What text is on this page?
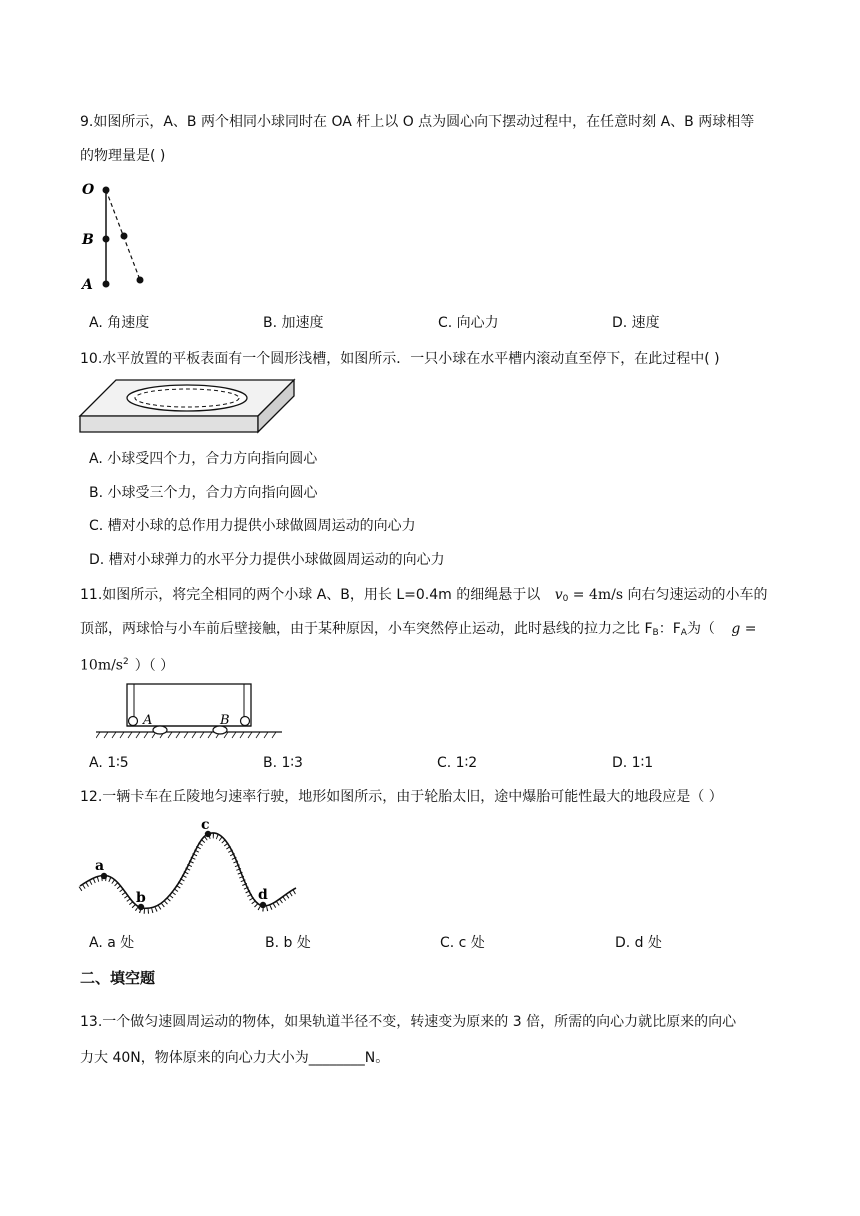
9.如图所示，A、B 两个相同小球同时在 OA 杆上以 O 点为圆心向下摆动过程中，在任意时刻 A、B 两球相等
的物理量是( )
O
B
A
A. 角速度	B. 加速度	C. 向心力	D. 速度
10.水平放置的平板表面有一个圆形浅槽，如图所示．一只小球在水平槽内滚动直至停下，在此过程中( )
A. 小球受四个力，合力方向指向圆心
B. 小球受三个力，合力方向指向圆心
C. 槽对小球的总作用力提供小球做圆周运动的向心力
D. 槽对小球弹力的水平分力提供小球做圆周运动的向心力
11.如图所示，将完全相同的两个小球 A、B，用长 L=0.4m 的细绳悬于以 $v_0 = 4m/s$ 向右匀速运动的小车的
顶部，两球恰与小车前后壁接触，由于某种原因，小车突然停止运动，此时悬线的拉力之比 $F_B$：$F_A$为（ g =
$10m/s^2$ ）（ ）
A	B
A. 1∶5	B. 1∶3	C. 1∶2	D. 1∶1
12.一辆卡车在丘陵地匀速率行驶，地形如图所示，由于轮胎太旧，途中爆胎可能性最大的地段应是（ ）
a
b
c
d
A. a 处	B. b 处	C. c 处	D. d 处
二、填空题
13.一个做匀速圆周运动的物体，如果轨道半径不变，转速变为原来的 3 倍，所需的向心力就比原来的向心
力大 40N，物体原来的向心力大小为________N。
